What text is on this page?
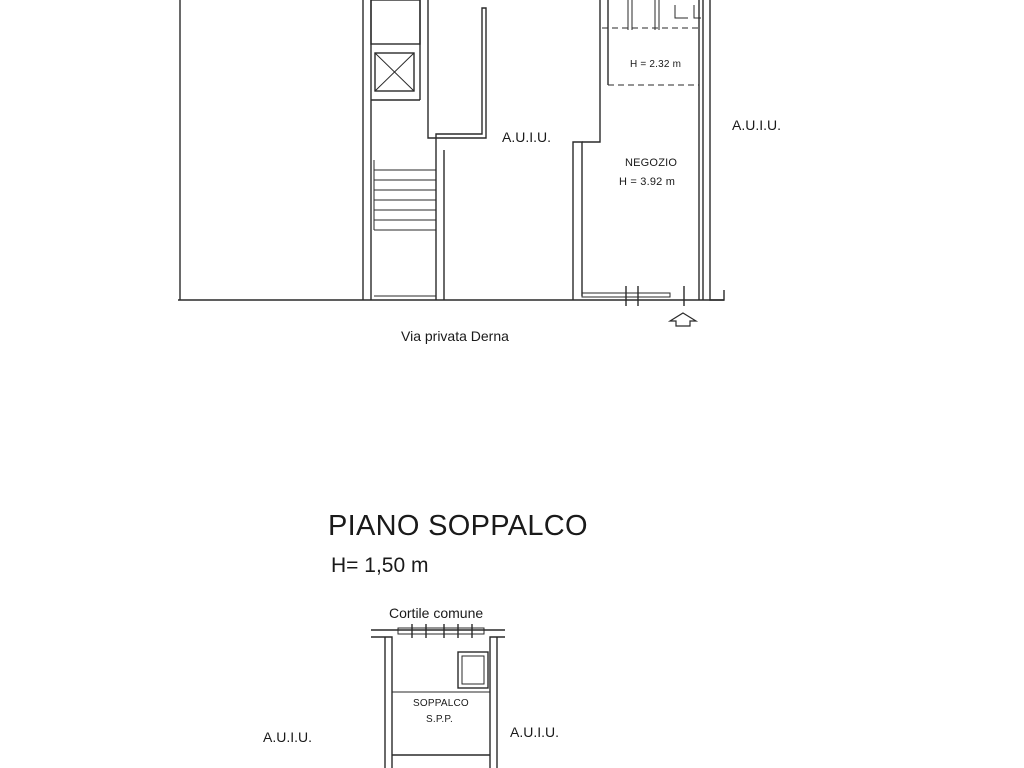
A.U.I.U.
A.U.I.U.
H = 2.32 m
NEGOZIO
H = 3.92 m
Via privata Derna
PIANO SOPPALCO
H= 1,50 m
Cortile comune
SOPPALCO
S.P.P.
A.U.I.U.	A.U.I.U.
